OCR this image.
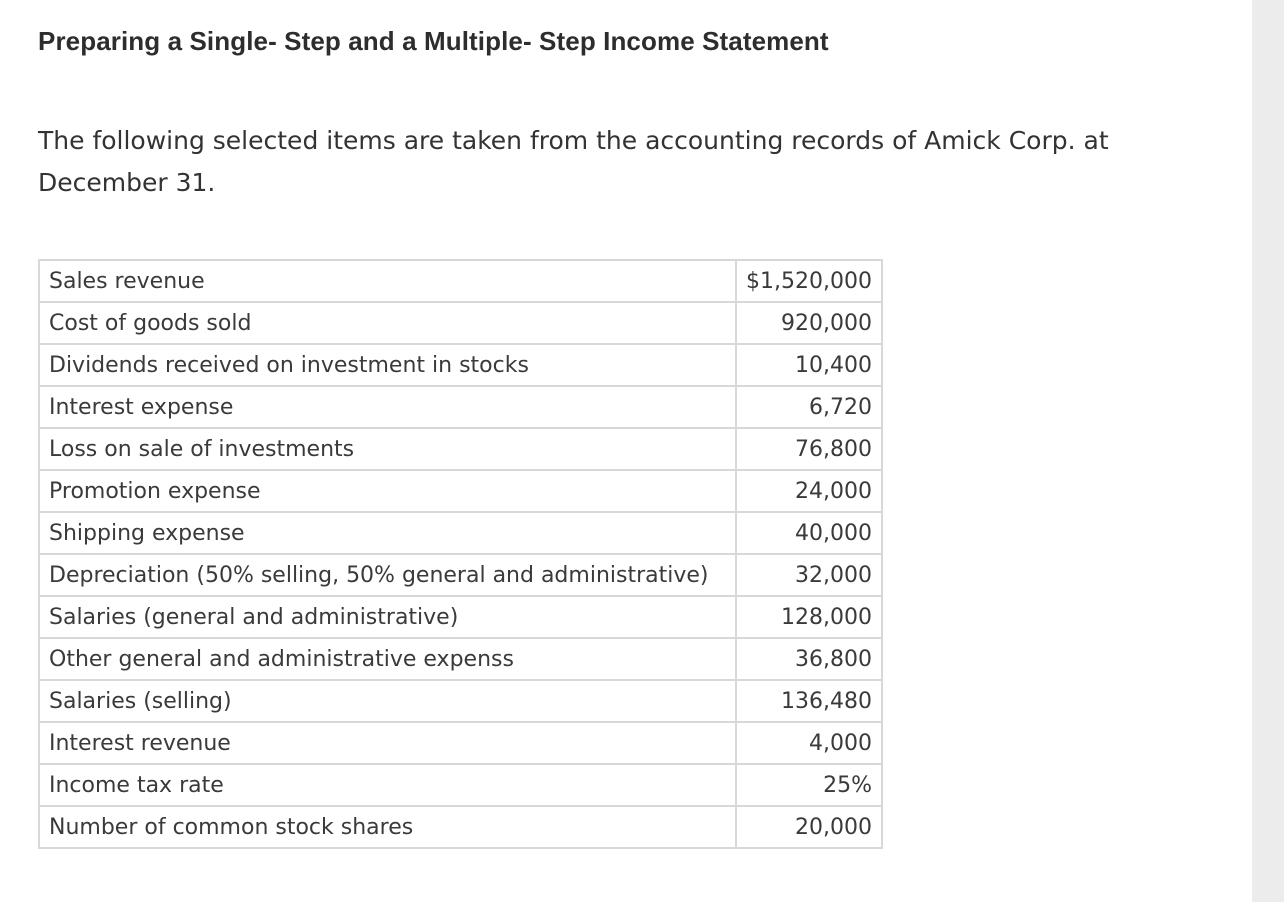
Preparing a Single- Step and a Multiple- Step Income Statement
The following selected items are taken from the accounting records of Amick Corp. at December 31.
Sales revenue	$1,520,000
Cost of goods sold	920,000
Dividends received on investment in stocks	10,400
Interest expense	6,720
Loss on sale of investments	76,800
Promotion expense	24,000
Shipping expense	40,000
Depreciation (50% selling, 50% general and administrative)	32,000
Salaries (general and administrative)	128,000
Other general and administrative expenss	36,800
Salaries (selling)	136,480
Interest revenue	4,000
Income tax rate	25%
Number of common stock shares	20,000
